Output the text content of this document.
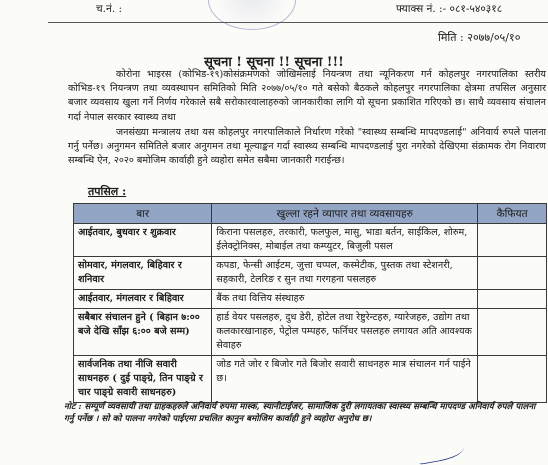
च.नं. :	फ्याक्स नं. :- ०८१-५४०३१८
मिति : २०७७/०५/१०
सूचना ! सूचना !! सूचना !!!
कोरोना भाइरस (कोभिड-१९)कोसंक्रमणको जोखिमलाई नियन्त्रण तथा न्यूनिकरण गर्न कोहलपुर नगरपालिका स्तरीय कोभिड-१९ नियन्त्रण तथा व्यवस्थापन समितिको मिति २०७७/०५/१० गते बसेको बैठकले कोहलपुर नगरपालिका क्षेत्रमा तपसिल अनुसार बजार व्यवसाय खुला गर्ने निर्णय गरेकाले सबै सरोकारवालाहरुको जानकारीका लागि यो सूचना प्रकाशित गरिएको छ। साथै व्यवसाय संचालन गर्दा नेपाल सरकार स्वास्थ्य तथा
जनसंख्या मन्त्रालय तथा यस कोहलपुर नगरपालिकाले निर्धारण गरेको "स्वास्थ्य सम्बन्धि मापदण्डलाई" अनिवार्य रुपले पालना गर्नु पर्नेछ। अनुगमन समितिले बजार अनुगमन तथा मूल्याङ्कन गर्दा स्वास्थ्य सम्बन्धि मापदण्डलाई पुरा नगरेको देखिएमा संक्रामक रोग निवारण सम्बन्धि ऐन, २०२० बमोजिम कार्वाही हुने व्यहोरा समेत सबैमा जानकारी गराईन्छ।
तपसिल :
बार	खुल्ला रहने व्यापार तथा व्यवसायहरु	कैफियत
आईतवार, बुधवार र शुक्रवार	किराना पसलहरु, तरकारी, फलफुल, मासु, भाडा बर्तन, साईकिल, शोरुम, ईलेक्ट्रोनिक्स, मोबाईल तथा कम्प्युटर, बिजुली पसल	
सोमवार, मंगलवार, बिहिवार र शनिवार	कपडा, फेन्सी आईटम, जुत्ता चप्पल, कस्मेटीक, पुस्तक तथा स्टेशनरी, सहकारी, टेलरिङ र सुन तथा गरगहना पसलहरु	
आईतवार, मंगलवार र बिहिवार	बैंक तथा वित्तिय संस्थाहरु	
सबैबार संचालन हुने ( बिहान ७:०० बजे देखि साँझ ६:०० बजे सम्म)	हार्ड वेयर पसलहरु, दुध डेरी, होटेल तथा रेष्टुरेन्टहरु, ग्यारेजहरु, उद्योग तथा कलकारखानाहरु, पेट्रोल पम्पहरु, फर्निचर पसलहरु लगायत अति आवश्यक सेवाहरु	
सार्वजनिक तथा नीजि सवारी साधनहरु ( दुई पाङ्ग्रे, तिन पाङ्ग्रे र चार पाङ्ग्रे सवारी साधनहरु)	जोड गते जोर र बिजोर गते बिजोर सवारी साधनहरु मात्र संचालन गर्न पाईने छ।	
नोट : सम्पूर्ण व्यवसायी तथा ग्राहकहरुले अनिवार्य रुपमा मास्क, स्यानीटाईजर, सामाजिक दुरी लगायतका स्वास्थ्य सम्बन्धि मापदण्ड अनिवार्य रुपले पालना गर्नु पर्नेछ । सो को पालना नगरेको पाईएमा प्रचलित कानुन बमोजिम कार्वाही हुने व्यहोरा अनुरोध छ।
